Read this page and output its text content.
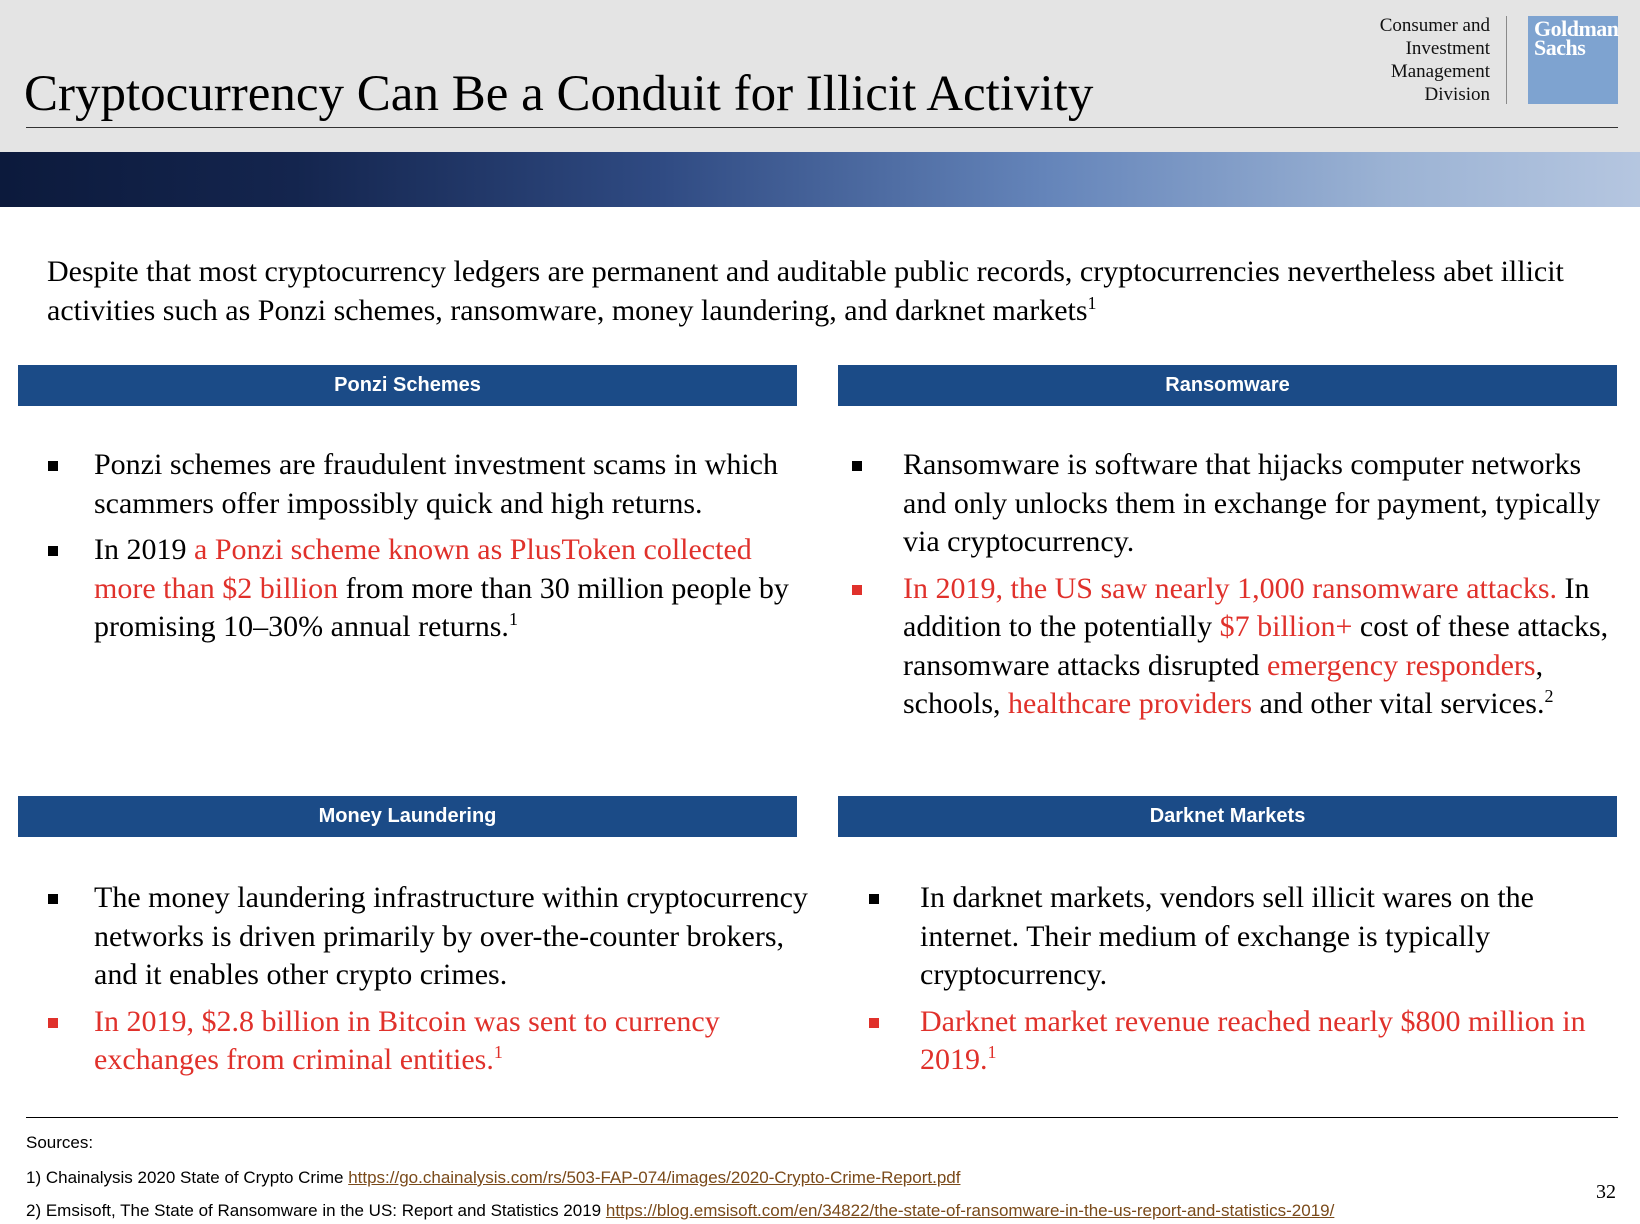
Cryptocurrency Can Be a Conduit for Illicit Activity
Consumer and
Investment
Management
Division
Goldman
Sachs
Despite that most cryptocurrency ledgers are permanent and auditable public records, cryptocurrencies nevertheless abet illicit activities such as Ponzi schemes, ransomware, money laundering, and darknet markets$^1$
Ponzi Schemes
Ponzi schemes are fraudulent investment scams in which scammers offer impossibly quick and high returns.
In 2019 a Ponzi scheme known as PlusToken collected more than $2 billion from more than 30 million people by promising 10–30% annual returns.$^1$
Ransomware
Ransomware is software that hijacks computer networks and only unlocks them in exchange for payment, typically via cryptocurrency.
In 2019, the US saw nearly 1,000 ransomware attacks. In addition to the potentially $7 billion+ cost of these attacks, ransomware attacks disrupted emergency responders, schools, healthcare providers and other vital services.$^2$
Money Laundering
The money laundering infrastructure within cryptocurrency networks is driven primarily by over-the-counter brokers, and it enables other crypto crimes.
In 2019, $2.8 billion in Bitcoin was sent to currency exchanges from criminal entities.$^1$
Darknet Markets
In darknet markets, vendors sell illicit wares on the internet. Their medium of exchange is typically cryptocurrency.
Darknet market revenue reached nearly $800 million in 2019.$^1$
Sources:
1) Chainalysis 2020 State of Crypto Crime https://go.chainalysis.com/rs/503-FAP-074/images/2020-Crypto-Crime-Report.pdf
2) Emsisoft, The State of Ransomware in the US: Report and Statistics 2019 https://blog.emsisoft.com/en/34822/the-state-of-ransomware-in-the-us-report-and-statistics-2019/
32
